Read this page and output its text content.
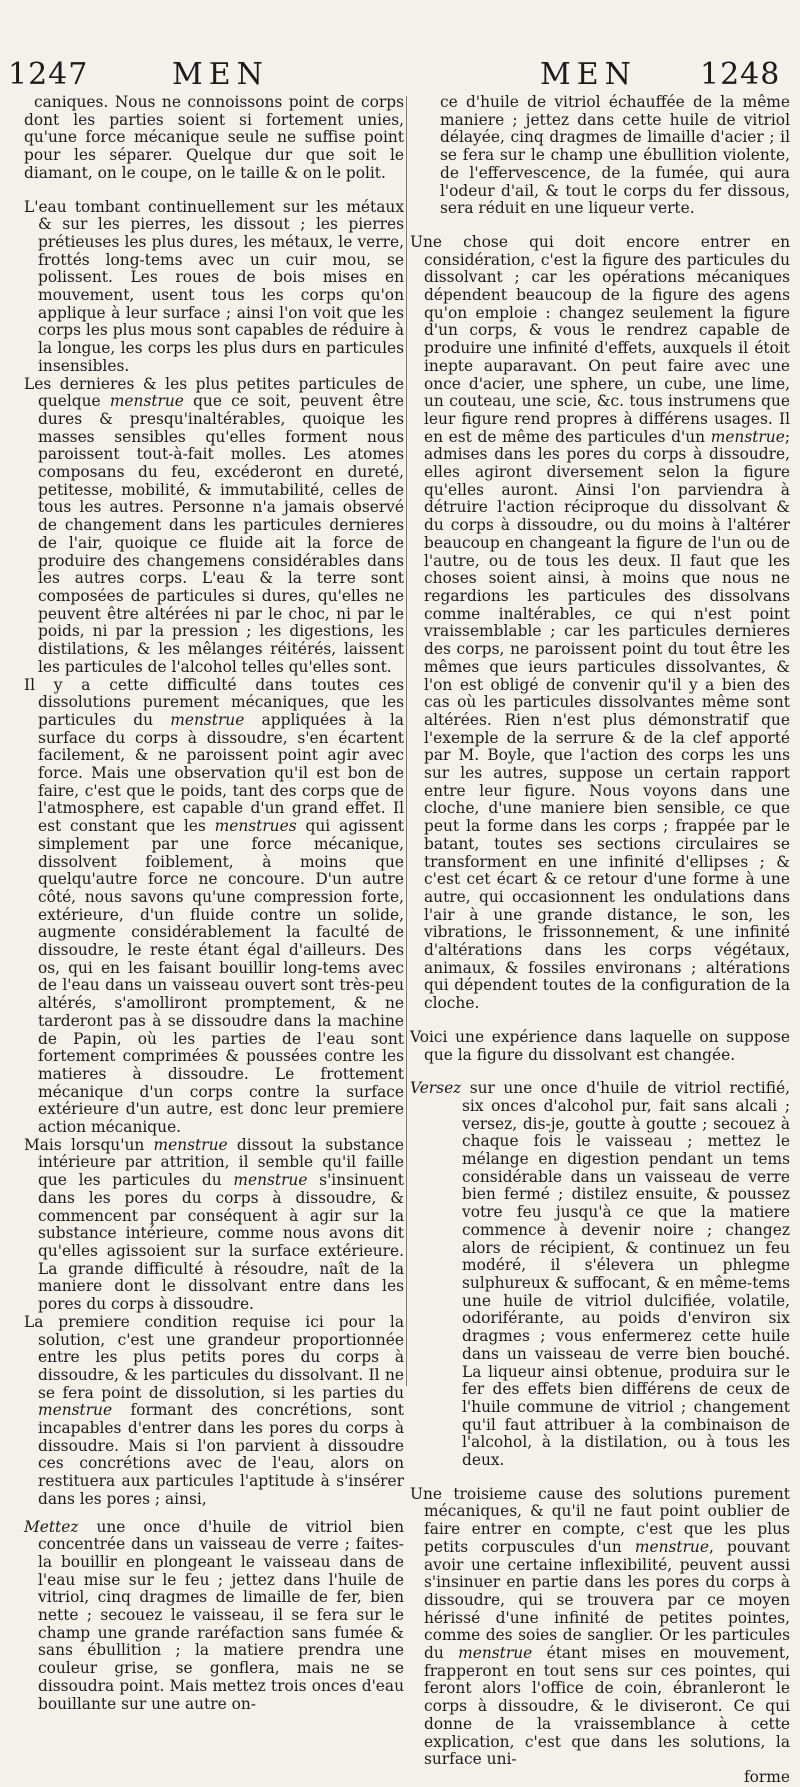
1247	MEN	MEN 1248

caniques. Nous ne connoissons point de corps dont les parties soient si fortement unies, qu'une force mécanique seule ne suffise point pour les séparer. Quelque dur que soit le diamant, on le coupe, on le taille & on le polit.

L'eau tombant continuellement sur les métaux & sur les pierres, les dissout ; les pierres prétieuses les plus dures, les métaux, le verre, frottés long-tems avec un cuir mou, se polissent. Les roues de bois mises en mouvement, usent tous les corps qu'on applique à leur surface ; ainsi l'on voit que les corps les plus mous sont capables de réduire à la longue, les corps les plus durs en particules insensibles.

Les dernieres & les plus petites particules de quelque menstrue que ce soit, peuvent être dures & presqu'inaltérables, quoique les masses sensibles qu'elles forment nous paroissent tout-à-fait molles. Les atomes composans du feu, excéderont en dureté, petitesse, mobilité, & immutabilité, celles de tous les autres. Personne n'a jamais observé de changement dans les particules dernieres de l'air, quoique ce fluide ait la force de produire des changemens considérables dans les autres corps. L'eau & la terre sont composées de particules si dures, qu'elles ne peuvent être altérées ni par le choc, ni par le poids, ni par la pression ; les digestions, les distilations, & les mêlanges réitérés, laissent les particules de l'alcohol telles qu'elles sont.

Il y a cette difficulté dans toutes ces dissolutions purement mécaniques, que les particules du menstrue appliquées à la surface du corps à dissoudre, s'en écartent facilement, & ne paroissent point agir avec force. Mais une observation qu'il est bon de faire, c'est que le poids, tant des corps que de l'atmosphere, est capable d'un grand effet. Il est constant que les menstrues qui agissent simplement par une force mécanique, dissolvent foiblement, à moins que quelqu'autre force ne concoure. D'un autre côté, nous savons qu'une compression forte, extérieure, d'un fluide contre un solide, augmente considérablement la faculté de dissoudre, le reste étant égal d'ailleurs. Des os, qui en les faisant bouillir long-tems avec de l'eau dans un vaisseau ouvert sont très-peu altérés, s'amolliront promptement, & ne tarderont pas à se dissoudre dans la machine de Papin, où les parties de l'eau sont fortement comprimées & poussées contre les matieres à dissoudre. Le frottement mécanique d'un corps contre la surface extérieure d'un autre, est donc leur premiere action mécanique.

Mais lorsqu'un menstrue dissout la substance intérieure par attrition, il semble qu'il faille que les particules du menstrue s'insinuent dans les pores du corps à dissoudre, & commencent par conséquent à agir sur la substance intérieure, comme nous avons dit qu'elles agissoient sur la surface extérieure. La grande difficulté à résoudre, naît de la maniere dont le dissolvant entre dans les pores du corps à dissoudre.

La premiere condition requise ici pour la solution, c'est une grandeur proportionnée entre les plus petits pores du corps à dissoudre, & les particules du dissolvant. Il ne se fera point de dissolution, si les parties du menstrue formant des concrétions, sont incapables d'entrer dans les pores du corps à dissoudre. Mais si l'on parvient à dissoudre ces concrétions avec de l'eau, alors on restituera aux particules l'aptitude à s'insérer dans les pores ; ainsi,

Mettez une once d'huile de vitriol bien concentrée dans un vaisseau de verre ; faites-la bouillir en plongeant le vaisseau dans de l'eau mise sur le feu ; jettez dans l'huile de vitriol, cinq dragmes de limaille de fer, bien nette ; secouez le vaisseau, il se fera sur le champ une grande raréfaction sans fumée & sans ébullition ; la matiere prendra une couleur grise, se gonflera, mais ne se dissoudra point. Mais mettez trois onces d'eau bouillante sur une autre on-

ce d'huile de vitriol échauffée de la même maniere ; jettez dans cette huile de vitriol délayée, cinq dragmes de limaille d'acier ; il se fera sur le champ une ébullition violente, de l'effervescence, de la fumée, qui aura l'odeur d'ail, & tout le corps du fer dissous, sera réduit en une liqueur verte.

Une chose qui doit encore entrer en considération, c'est la figure des particules du dissolvant ; car les opérations mécaniques dépendent beaucoup de la figure des agens qu'on emploie : changez seulement la figure d'un corps, & vous le rendrez capable de produire une infinité d'effets, auxquels il étoit inepte auparavant. On peut faire avec une once d'acier, une sphere, un cube, une lime, un couteau, une scie, &c. tous instrumens que leur figure rend propres à différens usages. Il en est de même des particules d'un menstrue; admises dans les pores du corps à dissoudre, elles agiront diversement selon la figure qu'elles auront. Ainsi l'on parviendra à détruire l'action réciproque du dissolvant & du corps à dissoudre, ou du moins à l'altérer beaucoup en changeant la figure de l'un ou de l'autre, ou de tous les deux. Il faut que les choses soient ainsi, à moins que nous ne regardions les particules des dissolvans comme inaltérables, ce qui n'est point vraissemblable ; car les particules dernieres des corps, ne paroissent point du tout être les mêmes que ieurs particules dissolvantes, & l'on est obligé de convenir qu'il y a bien des cas où les particules dissolvantes même sont altérées. Rien n'est plus démonstratif que l'exemple de la serrure & de la clef apporté par M. Boyle, que l'action des corps les uns sur les autres, suppose un certain rapport entre leur figure. Nous voyons dans une cloche, d'une maniere bien sensible, ce que peut la forme dans les corps ; frappée par le batant, toutes ses sections circulaires se transforment en une infinité d'ellipses ; & c'est cet écart & ce retour d'une forme à une autre, qui occasionnent les ondulations dans l'air à une grande distance, le son, les vibrations, le frissonnement, & une infinité d'altérations dans les corps végétaux, animaux, & fossiles environans ; altérations qui dépendent toutes de la configuration de la cloche.

Voici une expérience dans laquelle on suppose que la figure du dissolvant est changée.

Versez sur une once d'huile de vitriol rectifié, six onces d'alcohol pur, fait sans alcali ; versez, dis-je, goutte à goutte ; secouez à chaque fois le vaisseau ; mettez le mélange en digestion pendant un tems considérable dans un vaisseau de verre bien fermé ; distilez ensuite, & poussez votre feu jusqu'à ce que la matiere commence à devenir noire ; changez alors de récipient, & continuez un feu modéré, il s'élevera un phlegme sulphureux & suffocant, & en même-tems une huile de vitriol dulcifiée, volatile, odoriférante, au poids d'environ six dragmes ; vous enfermerez cette huile dans un vaisseau de verre bien bouché. La liqueur ainsi obtenue, produira sur le fer des effets bien différens de ceux de l'huile commune de vitriol ; changement qu'il faut attribuer à la combinaison de l'alcohol, à la distilation, ou à tous les deux.

Une troisieme cause des solutions purement mécaniques, & qu'il ne faut point oublier de faire entrer en compte, c'est que les plus petits corpuscules d'un menstrue, pouvant avoir une certaine inflexibilité, peuvent aussi s'insinuer en partie dans les pores du corps à dissoudre, qui se trouvera par ce moyen hérissé d'une infinité de petites pointes, comme des soies de sanglier. Or les particules du menstrue étant mises en mouvement, frapperont en tout sens sur ces pointes, qui feront alors l'office de coin, ébranleront le corps à dissoudre, & le diviseront. Ce qui donne de la vraissemblance à cette explication, c'est que dans les solutions, la surface uni-

forme
